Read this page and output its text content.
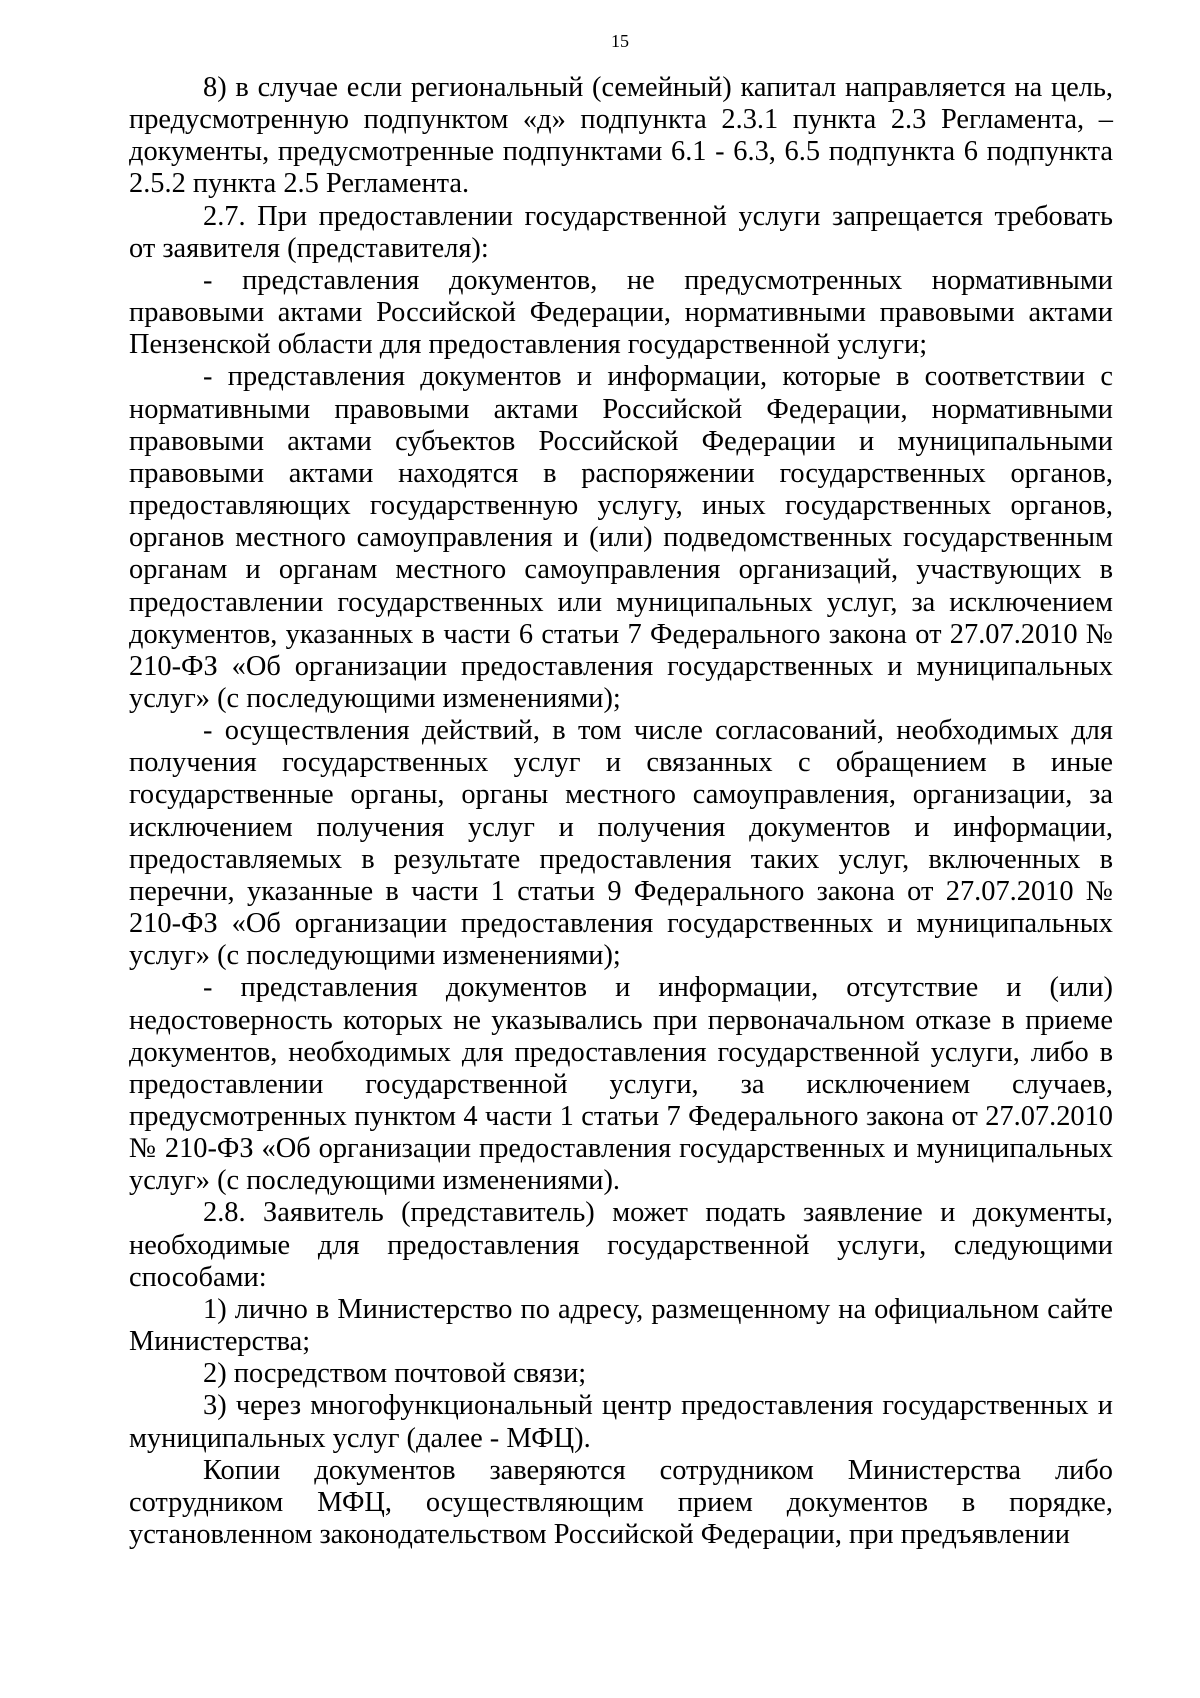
15

8) в случае если региональный (семейный) капитал направляется на цель, предусмотренную подпунктом «д» подпункта 2.3.1 пункта 2.3 Регламента, – документы, предусмотренные подпунктами 6.1 - 6.3, 6.5 подпункта 6 подпункта 2.5.2 пункта 2.5 Регламента.

2.7. При предоставлении государственной услуги запрещается требовать от заявителя (представителя):

- представления документов, не предусмотренных нормативными правовыми актами Российской Федерации, нормативными правовыми актами Пензенской области для предоставления государственной услуги;

- представления документов и информации, которые в соответствии с нормативными правовыми актами Российской Федерации, нормативными правовыми актами субъектов Российской Федерации и муниципальными правовыми актами находятся в распоряжении государственных органов, предоставляющих государственную услугу, иных государственных органов, органов местного самоуправления и (или) подведомственных государственным органам и органам местного самоуправления организаций, участвующих в предоставлении государственных или муниципальных услуг, за исключением документов, указанных в части 6 статьи 7 Федерального закона от 27.07.2010 № 210-ФЗ «Об организации предоставления государственных и муниципальных услуг» (с последующими изменениями);

- осуществления действий, в том числе согласований, необходимых для получения государственных услуг и связанных с обращением в иные государственные органы, органы местного самоуправления, организации, за исключением получения услуг и получения документов и информации, предоставляемых в результате предоставления таких услуг, включенных в перечни, указанные в части 1 статьи 9 Федерального закона от 27.07.2010 № 210-ФЗ «Об организации предоставления государственных и муниципальных услуг» (с последующими изменениями);

- представления документов и информации, отсутствие и (или) недостоверность которых не указывались при первоначальном отказе в приеме документов, необходимых для предоставления государственной услуги, либо в предоставлении государственной услуги, за исключением случаев, предусмотренных пунктом 4 части 1 статьи 7 Федерального закона от 27.07.2010 № 210-ФЗ «Об организации предоставления государственных и муниципальных услуг» (с последующими изменениями).

2.8. Заявитель (представитель) может подать заявление и документы, необходимые для предоставления государственной услуги, следующими способами:

1) лично в Министерство по адресу, размещенному на официальном сайте Министерства;

2) посредством почтовой связи;

3) через многофункциональный центр предоставления государственных и муниципальных услуг (далее - МФЦ).

Копии документов заверяются сотрудником Министерства либо сотрудником МФЦ, осуществляющим прием документов в порядке, установленном законодательством Российской Федерации, при предъявлении
